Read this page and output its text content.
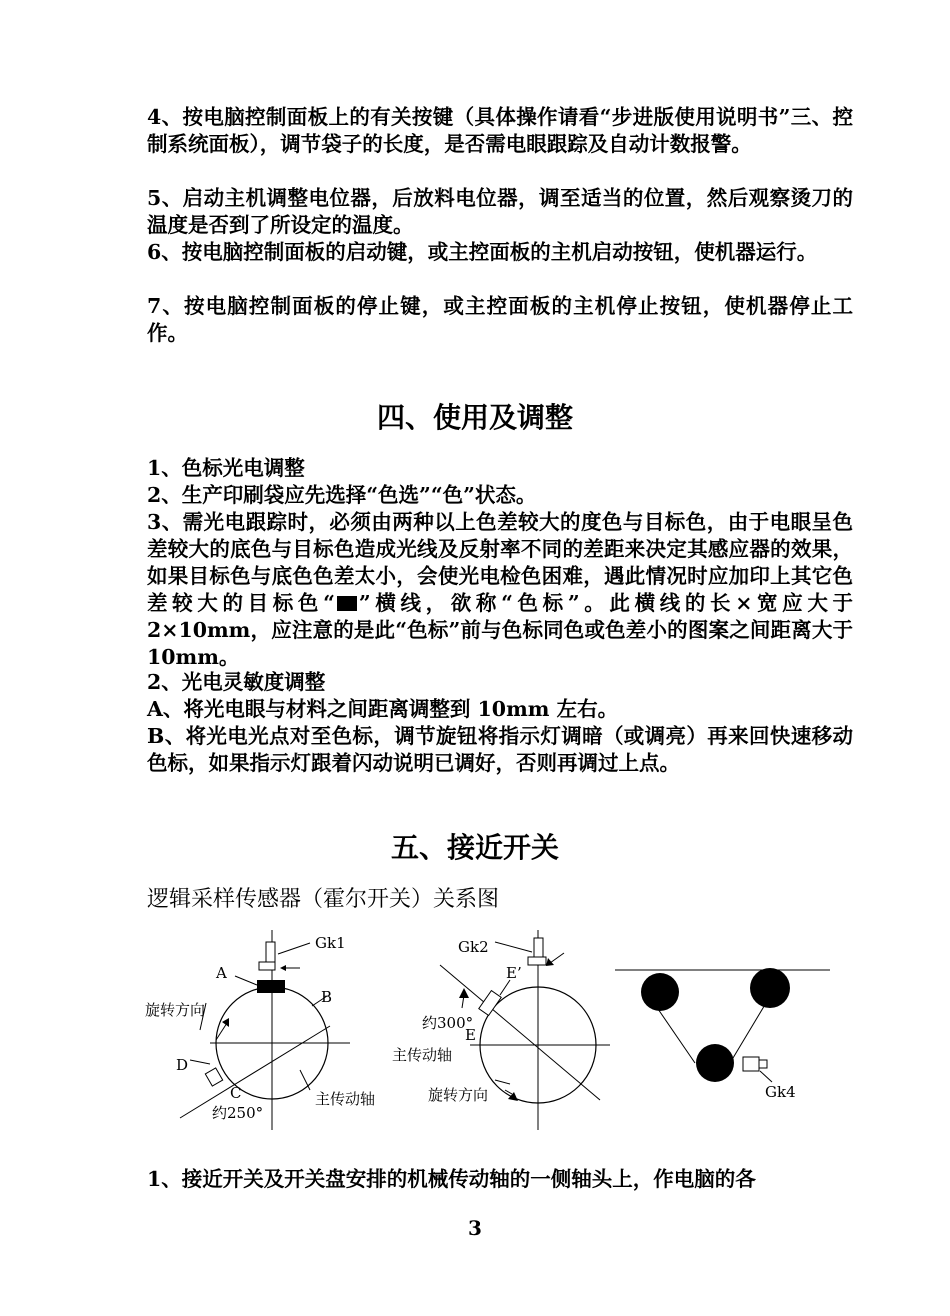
4、按电脑控制面板上的有关按键（具体操作请看“步进版使用说明书”三、控制系统面板），调节袋子的长度，是否需电眼跟踪及自动计数报警。
5、启动主机调整电位器，后放料电位器，调至适当的位置，然后观察烫刀的温度是否到了所设定的温度。
6、按电脑控制面板的启动键，或主控面板的主机启动按钮，使机器运行。
7、按电脑控制面板的停止键，或主控面板的主机停止按钮，使机器停止工作。
四、使用及调整
1、色标光电调整
2、生产印刷袋应先选择“色选”“色”状态。
3、需光电跟踪时，必须由两种以上色差较大的度色与目标色，由于电眼呈色差较大的底色与目标色造成光线及反射率不同的差距来决定其感应器的效果，如果目标色与底色色差太小，会使光电检色困难，遇此情况时应加印上其它色差较大的目标色“ ”横线，欲称“色标”。此横线的长×宽应大于 2×10mm，应注意的是此“色标”前与色标同色或色差小的图案之间距离大于 10mm。
2、光电灵敏度调整
A、将光电眼与材料之间距离调整到 10mm 左右。
B、将光电光点对至色标，调节旋钮将指示灯调暗（或调亮）再来回快速移动色标，如果指示灯跟着闪动说明已调好，否则再调过上点。
五、接近开关
逻辑采样传感器（霍尔开关）关系图
Gk1
A
B
D
C
旋转方向
主传动轴
约250°
Gk2
E’
E
约300°
主传动轴
旋转方向	Gk4
1、接近开关及开关盘安排的机械传动轴的一侧轴头上，作电脑的各
3
